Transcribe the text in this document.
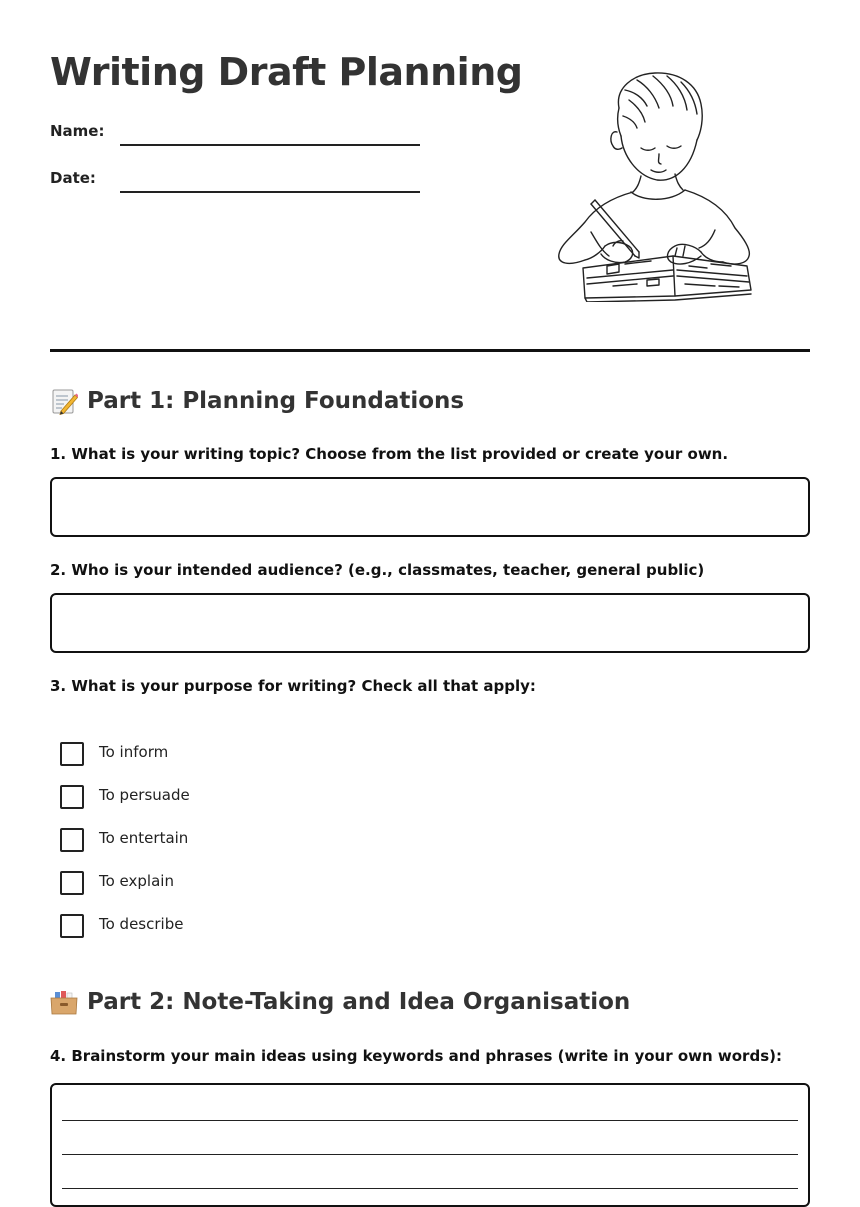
Writing Draft Planning
Name:
Date:
Part 1: Planning Foundations
1. What is your writing topic? Choose from the list provided or create your own.
2. Who is your intended audience? (e.g., classmates, teacher, general public)
3. What is your purpose for writing? Check all that apply:
To inform
To persuade
To entertain
To explain
To describe
Part 2: Note-Taking and Idea Organisation
4. Brainstorm your main ideas using keywords and phrases (write in your own words):
